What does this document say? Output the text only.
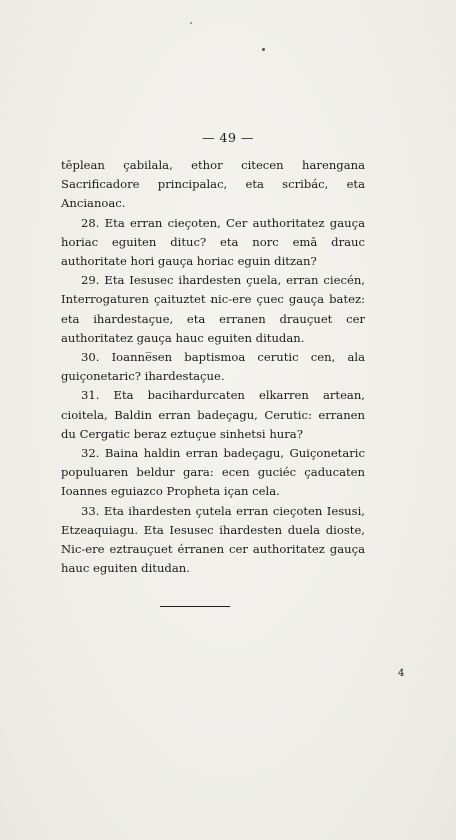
— 49 —

tēplean çabilala, ethor citecen harengana Sacrificadore principalac, eta scribác, eta Ancianoac.

28. Eta erran cieçoten, Cer authoritatez gauça horiac eguiten dituc? eta norc emā drauc authoritate hori gauça horiac eguin ditzan?

29. Eta Iesusec ihardesten çuela, erran ciecén, Interrogaturen çaituztet nic-ere çuec gauça batez: eta ihardestaçue, eta erranen drauçuet cer authoritatez gauça hauc eguiten ditudan.

30. Ioanne̅sen baptismoa cerutic cen, ala guiçonetaric? ihardestaçue.

31. Eta bacihardurcaten elkarren artean, cioitela, Baldin erran badeçagu, Cerutic: erranen du Cergatic beraz eztuçue sinhetsi hura?

32. Baina haldin erran badeçagu, Guiçonetaric populuaren beldur gara: ecen guciéc çaducaten Ioannes eguiazco Propheta içan cela.

33. Eta ihardesten çutela erran cieçoten Iesusi, Etzeaquiagu. Eta Iesusec ihardesten duela dioste, Nic-ere eztrauçuet érranen cer authoritatez gauça hauc eguiten ditudan.

4
